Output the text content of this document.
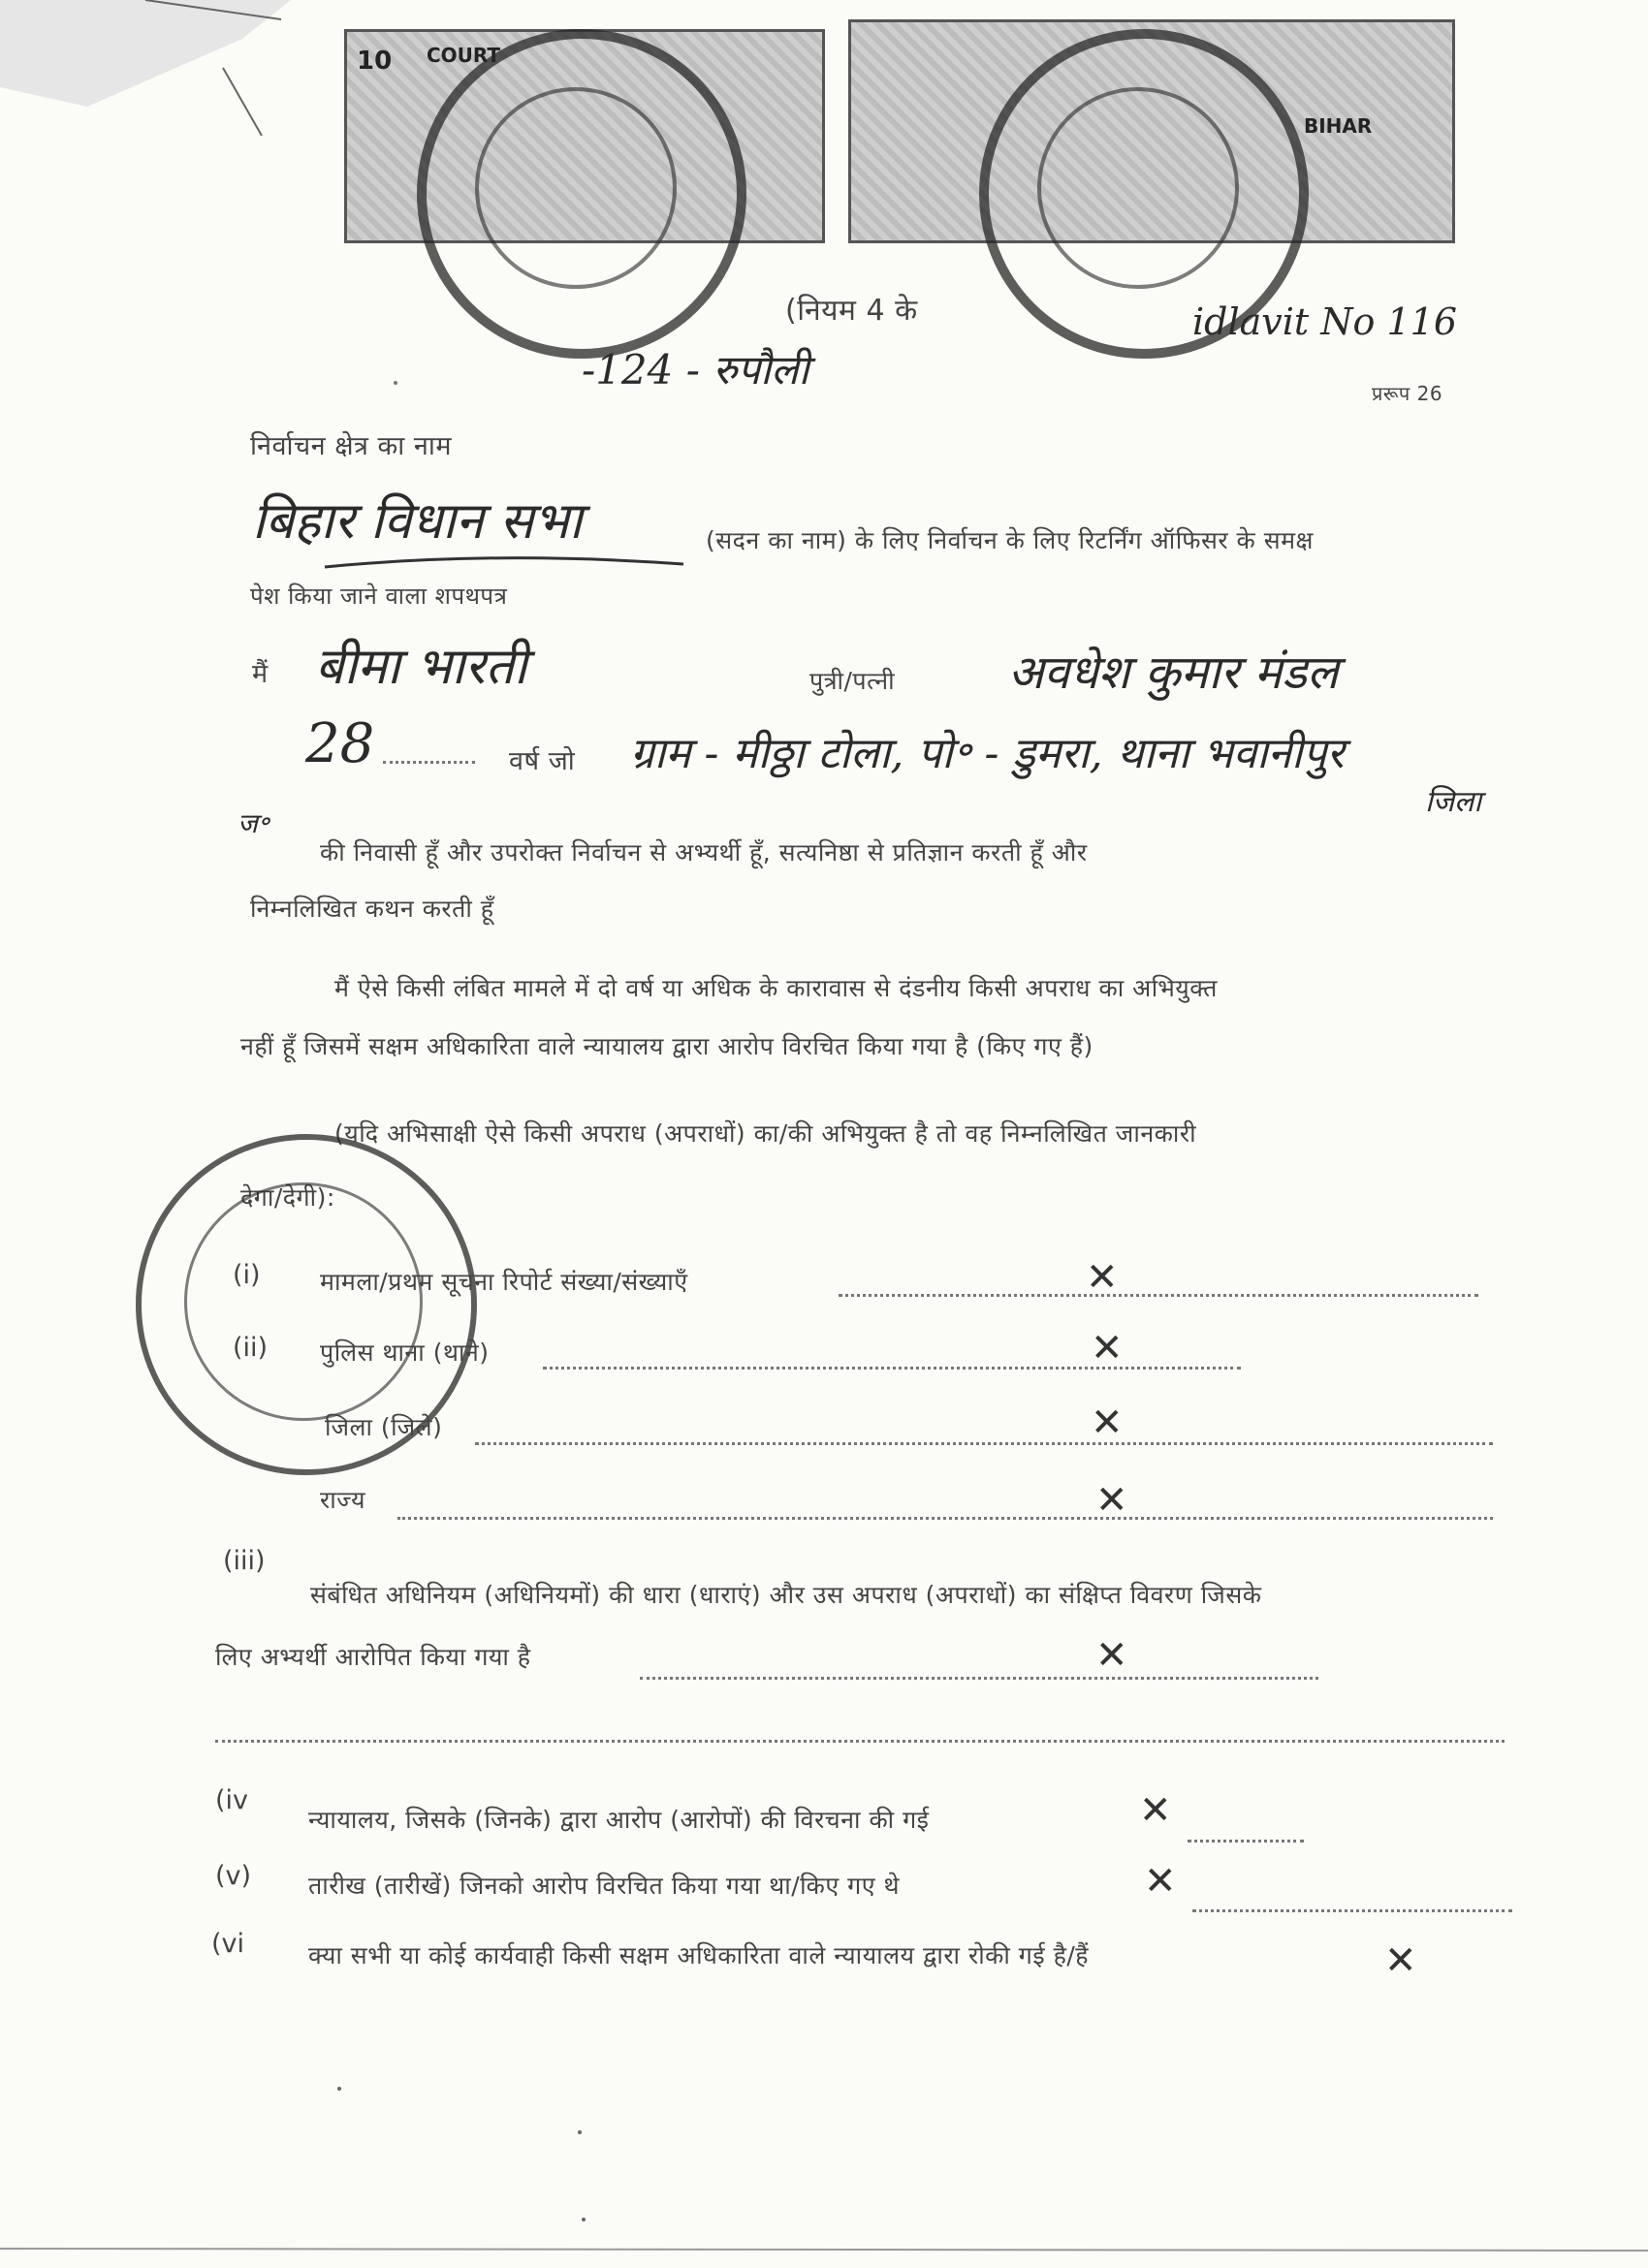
10 COURT
BIHAR
(नियम 4 के
-124 - रुपौली
idlavit No 116
प्ररूप 26
निर्वाचन क्षेत्र का नाम
बिहार विधान सभा	(सदन का नाम) के लिए निर्वाचन के लिए रिटर्निंग ऑफिसर के समक्ष
पेश किया जाने वाला शपथपत्र
मैं बीमा भारती	पुत्री/पत्नी अवधेश कुमार मंडल
28	वर्ष जो ग्राम - मीठ्ठा टोला, पो॰ - डुमरा, थाना भवानीपुर
जिला
ज॰
की निवासी हूँ और उपरोक्त निर्वाचन से अभ्यर्थी हूँ, सत्यनिष्ठा से प्रतिज्ञान करती हूँ और
निम्नलिखित कथन करती हूँ
मैं ऐसे किसी लंबित मामले में दो वर्ष या अधिक के कारावास से दंडनीय किसी अपराध का अभियुक्त
नहीं हूँ जिसमें सक्षम अधिकारिता वाले न्यायालय द्वारा आरोप विरचित किया गया है (किए गए हैं)
(यदि अभिसाक्षी ऐसे किसी अपराध (अपराधों) का/की अभियुक्त है तो वह निम्नलिखित जानकारी
देगा/देगी):
(i) मामला/प्रथम सूचना रिपोर्ट संख्या/संख्याएँ	✕
(ii) पुलिस थाना (थाने)	✕
जिला (जिले)	✕
राज्य	✕
(iii)
संबंधित अधिनियम (अधिनियमों) की धारा (धाराएं) और उस अपराध (अपराधों) का संक्षिप्त विवरण जिसके
लिए अभ्यर्थी आरोपित किया गया है	✕
(iv
न्यायालय, जिसके (जिनके) द्वारा आरोप (आरोपों) की विरचना की गई	✕
(v) तारीख (तारीखें) जिनको आरोप विरचित किया गया था/किए गए थे	✕
(vi	क्या सभी या कोई कार्यवाही किसी सक्षम अधिकारिता वाले न्यायालय द्वारा रोकी गई है/हैं	✕
